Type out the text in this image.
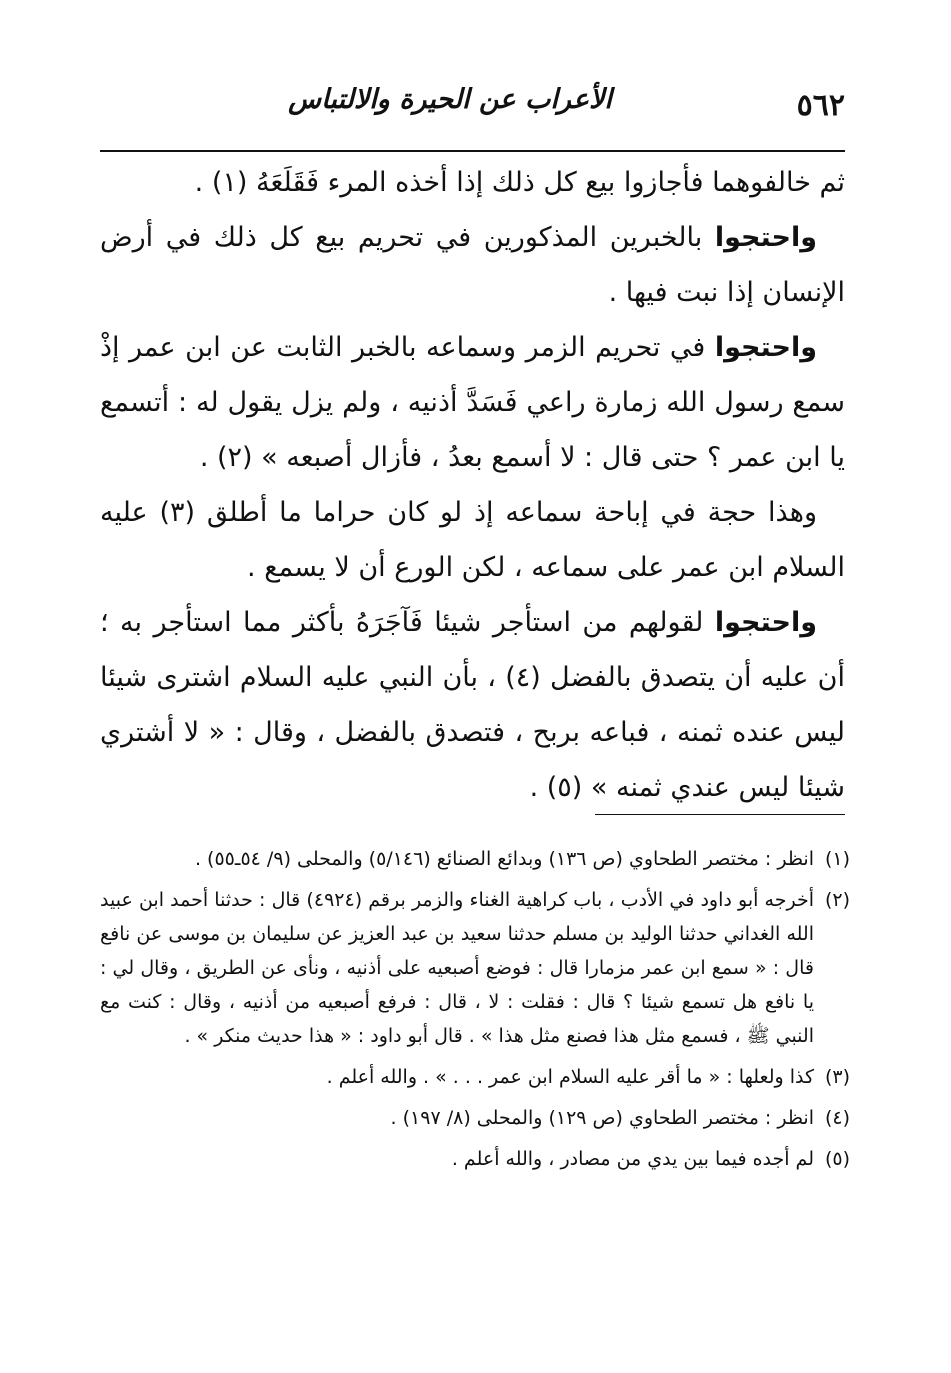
٥٦٢
الأعراب عن الحيرة والالتباس

ثم خالفوهما فأجازوا بيع كل ذلك إذا أخذه المرء فَقَلَعَهُ (١) .

واحتجوا بالخبرين المذكورين في تحريم بيع كل ذلك في أرض الإنسان إذا نبت فيها .

واحتجوا في تحريم الزمر وسماعه بالخبر الثابت عن ابن عمر إذْ سمع رسول الله زمارة راعي فَسَدَّ أذنيه ، ولم يزل يقول له : أتسمع يا ابن عمر ؟ حتى قال : لا أسمع بعدُ ، فأزال أصبعه » (٢) .

وهذا حجة في إباحة سماعه إذ لو كان حراما ما أطلق (٣) عليه السلام ابن عمر على سماعه ، لكن الورع أن لا يسمع .

واحتجوا لقولهم من استأجر شيئا فَآجَرَهُ بأكثر مما استأجر به ؛ أن عليه أن يتصدق بالفضل (٤) ، بأن النبي عليه السلام اشترى شيئا ليس عنده ثمنه ، فباعه بربح ، فتصدق بالفضل ، وقال : « لا أشتري شيئا ليس عندي ثمنه » (٥) .

(١)
انظر : مختصر الطحاوي (ص ١٣٦) وبدائع الصنائع (٥/١٤٦) والمحلى (٩/ ٥٤ـ٥٥) .

(٢)
أخرجه أبو داود في الأدب ، باب كراهية الغناء والزمر برقم (٤٩٢٤) قال : حدثنا أحمد ابن عبيد الله الغداني حدثنا الوليد بن مسلم حدثنا سعيد بن عبد العزيز عن سليمان بن موسى عن نافع قال : « سمع ابن عمر مزمارا قال : فوضع أصبعيه على أذنيه ، ونأى عن الطريق ، وقال لي : يا نافع هل تسمع شيئا ؟ قال : فقلت : لا ، قال : فرفع أصبعيه من أذنيه ، وقال : كنت مع النبي ﷺ ، فسمع مثل هذا فصنع مثل هذا » . قال أبو داود : « هذا حديث منكر » .

(٣)
كذا ولعلها : « ما أقر عليه السلام ابن عمر . . . » . والله أعلم .

(٤)
انظر : مختصر الطحاوي (ص ١٢٩) والمحلى (٨/ ١٩٧) .

(٥)
لم أجده فيما بين يدي من مصادر ، والله أعلم .
